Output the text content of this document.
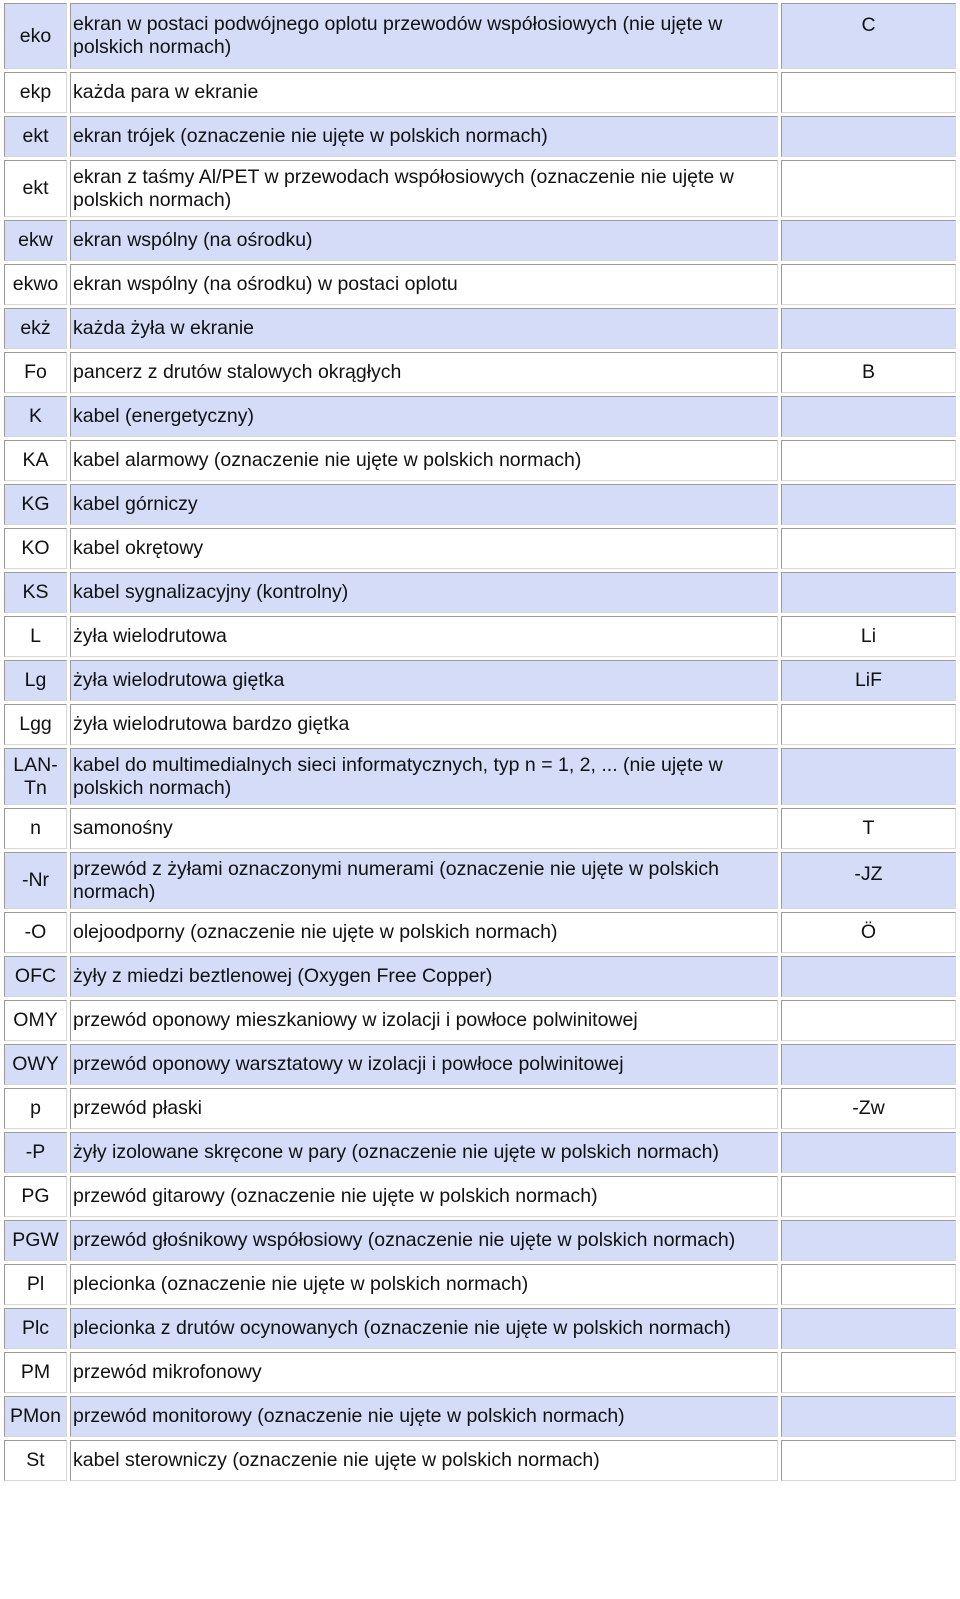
eko	ekran w postaci podwójnego oplotu przewodów współosiowych (nie ujęte w polskich normach)	C
ekp	każda para w ekranie	
ekt	ekran trójek (oznaczenie nie ujęte w polskich normach)	
ekt	ekran z taśmy Al/PET w przewodach współosiowych (oznaczenie nie ujęte w polskich normach)	
ekw	ekran wspólny (na ośrodku)	
ekwo	ekran wspólny (na ośrodku) w postaci oplotu	
ekż	każda żyła w ekranie	
Fo	pancerz z drutów stalowych okrągłych	B
K	kabel (energetyczny)	
KA	kabel alarmowy (oznaczenie nie ujęte w polskich normach)	
KG	kabel górniczy	
KO	kabel okrętowy	
KS	kabel sygnalizacyjny (kontrolny)	
L	żyła wielodrutowa	Li
Lg	żyła wielodrutowa giętka	LiF
Lgg	żyła wielodrutowa bardzo giętka	
LAN-Tn	kabel do multimedialnych sieci informatycznych, typ n = 1, 2, ... (nie ujęte w polskich normach)	
n	samonośny	T
-Nr	przewód z żyłami oznaczonymi numerami (oznaczenie nie ujęte w polskich normach)	-JZ
-O	olejoodporny (oznaczenie nie ujęte w polskich normach)	Ö
OFC	żyły z miedzi beztlenowej (Oxygen Free Copper)	
OMY	przewód oponowy mieszkaniowy w izolacji i powłoce polwinitowej	
OWY	przewód oponowy warsztatowy w izolacji i powłoce polwinitowej	
p	przewód płaski	-Zw
-P	żyły izolowane skręcone w pary (oznaczenie nie ujęte w polskich normach)	
PG	przewód gitarowy (oznaczenie nie ujęte w polskich normach)	
PGW	przewód głośnikowy współosiowy (oznaczenie nie ujęte w polskich normach)	
Pl	plecionka (oznaczenie nie ujęte w polskich normach)	
Plc	plecionka z drutów ocynowanych (oznaczenie nie ujęte w polskich normach)	
PM	przewód mikrofonowy	
PMon	przewód monitorowy (oznaczenie nie ujęte w polskich normach)	
St	kabel sterowniczy (oznaczenie nie ujęte w polskich normach)	
